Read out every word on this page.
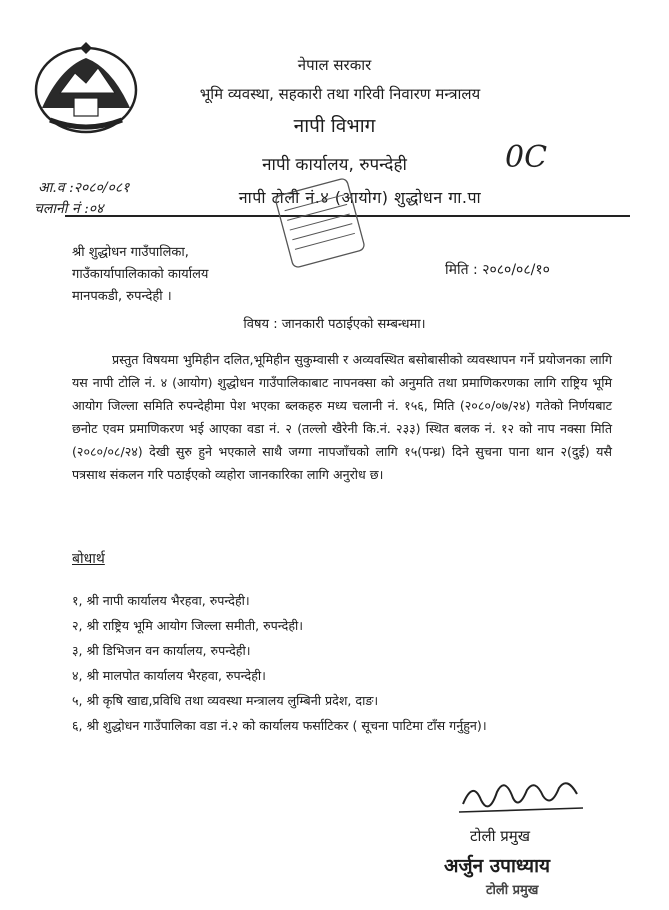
नेपाल सरकार
भूमि व्यवस्था, सहकारी तथा गरिवी निवारण मन्त्रालय
नापी विभाग
नापी कार्यालय, रुपन्देही	0C
नापी टोली नं.४ (आयोग) शुद्धोधन गा.पा
आ.व :२०८०/०८१
चलानी नं :०४
श्री शुद्धोधन गाउँपालिका,
गाउँकार्यापालिकाको कार्यालय
मानपकडी, रुपन्देही ।
मिति : २०८०/०८/१०
विषय : जानकारी पठाईएको सम्बन्धमा।
प्रस्तुत विषयमा भुमिहीन दलित,भूमिहीन सुकुम्वासी र अव्यवस्थित बसोबासीको व्यवस्थापन गर्ने प्रयोजनका लागि यस नापी टोलि नं. ४ (आयोग) शुद्धोधन गाउँपालिकाबाट नापनक्सा को अनुमति तथा प्रमाणिकरणका लागि राष्ट्रिय भूमि आयोग जिल्ला समिति रुपन्देहीमा पेश भएका ब्लकहरु मध्य चलानी नं. १५६, मिति (२०८०/०७/२४) गतेको निर्णयबाट छनोट एवम प्रमाणिकरण भई आएका वडा नं. २ (तल्लो खैरेनी कि.नं. २३३) स्थित बलक नं. १२ को नाप नक्सा मिति (२०८०/०८/२४) देखी सुरु हुने भएकाले साथै जग्गा नापजाँचको लागि १५(पन्ध्र) दिने सुचना पाना थान २(दुई) यसै पत्रसाथ संकलन गरि पठाईएको व्यहोरा जानकारिका लागि अनुरोध छ।
बोधार्थ
१, श्री नापी कार्यालय भैरहवा, रुपन्देही।
२, श्री राष्ट्रिय भूमि आयोग जिल्ला समीती, रुपन्देही।
३, श्री डिभिजन वन कार्यालय, रुपन्देही।
४, श्री मालपोत कार्यालय भैरहवा, रुपन्देही।
५, श्री कृषि खाद्य,प्रविधि तथा व्यवस्था मन्त्रालय लुम्बिनी प्रदेश, दाङ।
६, श्री शुद्धोधन गाउँपालिका वडा नं.२ को कार्यालय फर्साटिकर ( सूचना पाटिमा टाँस गर्नुहुन)।
टोली प्रमुख
अर्जुन उपाध्याय
टोली प्रमुख
